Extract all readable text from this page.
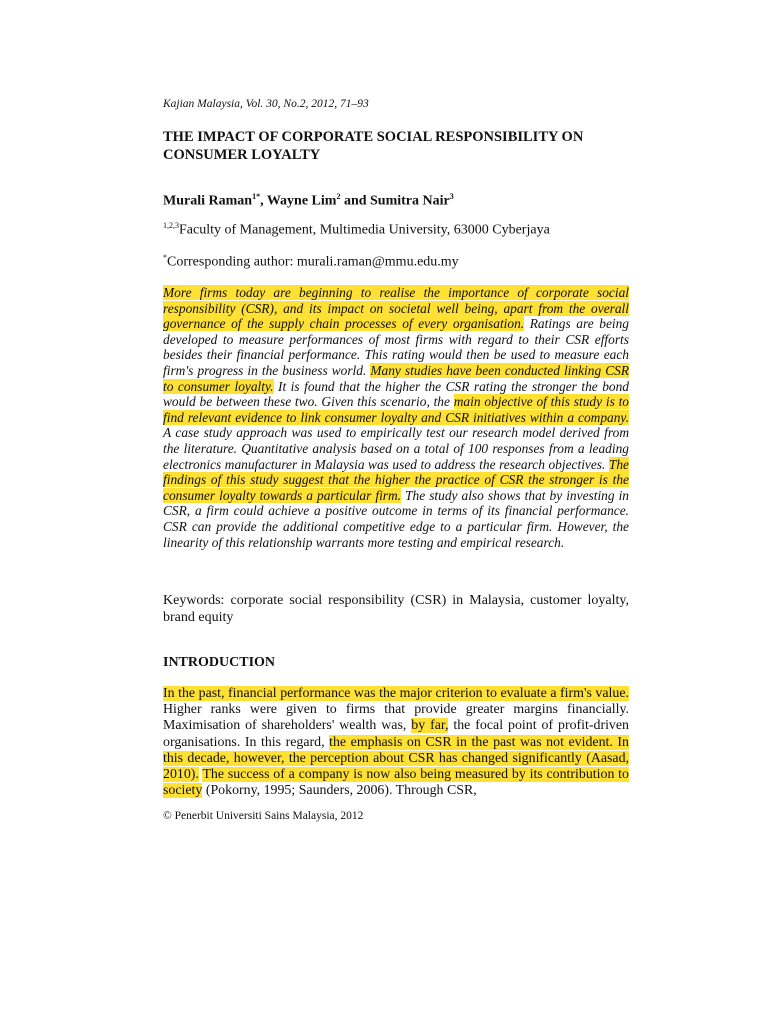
Kajian Malaysia, Vol. 30, No.2, 2012, 71–93
THE IMPACT OF CORPORATE SOCIAL RESPONSIBILITY ON CONSUMER LOYALTY
Murali Raman$^{1*}$, Wayne Lim$^2$ and Sumitra Nair$^3$
$^{1,2,3}$Faculty of Management, Multimedia University, 63000 Cyberjaya
*Corresponding author: murali.raman@mmu.edu.my

More firms today are beginning to realise the importance of corporate social responsibility (CSR), and its impact on societal well being, apart from the overall governance of the supply chain processes of every organisation. Ratings are being developed to measure performances of most firms with regard to their CSR efforts besides their financial performance. This rating would then be used to measure each firm's progress in the business world. Many studies have been conducted linking CSR to consumer loyalty. It is found that the higher the CSR rating the stronger the bond would be between these two. Given this scenario, the main objective of this study is to find relevant evidence to link consumer loyalty and CSR initiatives within a company. A case study approach was used to empirically test our research model derived from the literature. Quantitative analysis based on a total of 100 responses from a leading electronics manufacturer in Malaysia was used to address the research objectives. The findings of this study suggest that the higher the practice of CSR the stronger is the consumer loyalty towards a particular firm. The study also shows that by investing in CSR, a firm could achieve a positive outcome in terms of its financial performance. CSR can provide the additional competitive edge to a particular firm. However, the linearity of this relationship warrants more testing and empirical research.

Keywords: corporate social responsibility (CSR) in Malaysia, customer loyalty, brand equity

INTRODUCTION

In the past, financial performance was the major criterion to evaluate a firm's value. Higher ranks were given to firms that provide greater margins financially. Maximisation of shareholders' wealth was, by far, the focal point of profit-driven organisations. In this regard, the emphasis on CSR in the past was not evident. In this decade, however, the perception about CSR has changed significantly (Aasad, 2010). The success of a company is now also being measured by its contribution to society (Pokorny, 1995; Saunders, 2006). Through CSR,

© Penerbit Universiti Sains Malaysia, 2012
